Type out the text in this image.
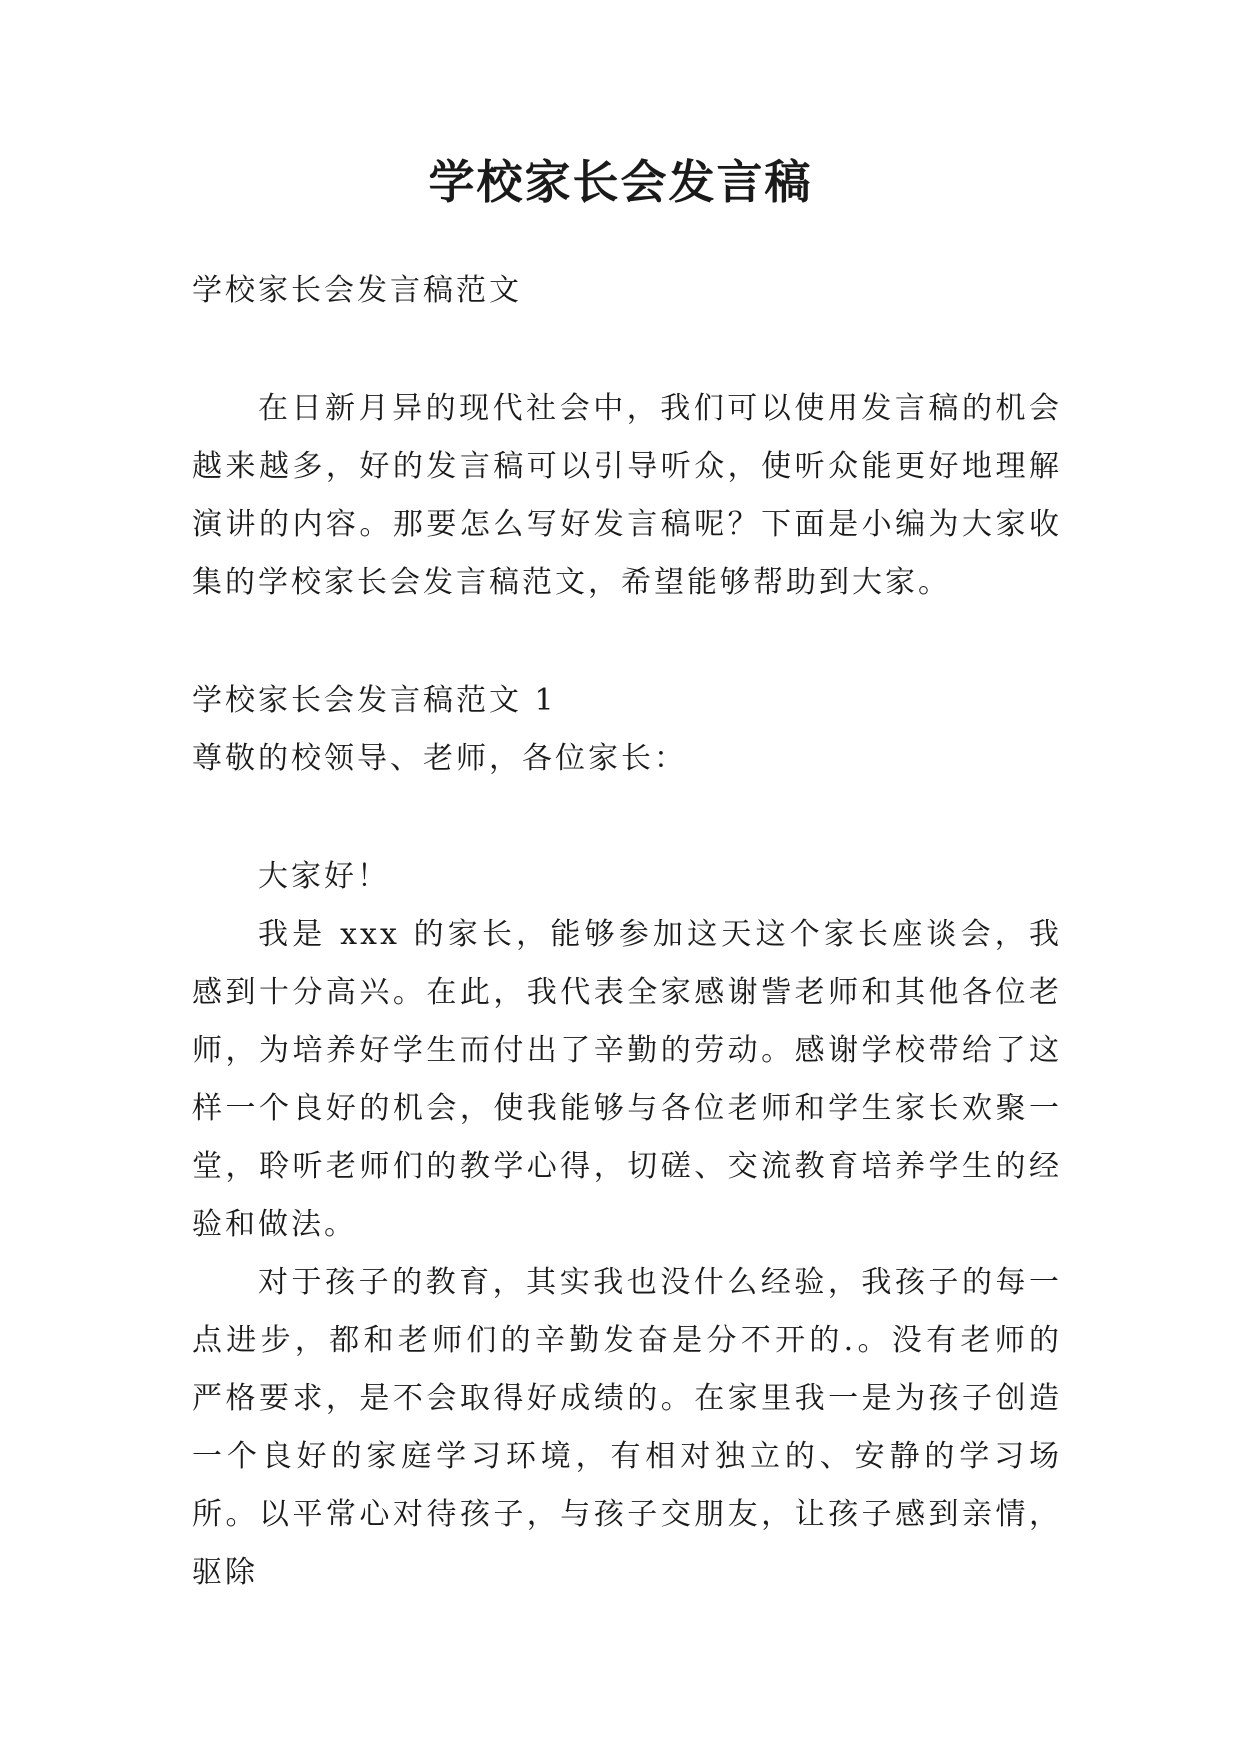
学校家长会发言稿

学校家长会发言稿范文

在日新月异的现代社会中，我们可以使用发言稿的机会越来越多，好的发言稿可以引导听众，使听众能更好地理解演讲的内容。那要怎么写好发言稿呢？下面是小编为大家收集的学校家长会发言稿范文，希望能够帮助到大家。

学校家长会发言稿范文 1

尊敬的校领导、老师，各位家长：

大家好！

我是 xxx 的家长，能够参加这天这个家长座谈会，我感到十分高兴。在此，我代表全家感谢訾老师和其他各位老师，为培养好学生而付出了辛勤的劳动。感谢学校带给了这样一个良好的机会，使我能够与各位老师和学生家长欢聚一堂，聆听老师们的教学心得，切磋、交流教育培养学生的经验和做法。

对于孩子的教育，其实我也没什么经验，我孩子的每一点进步，都和老师们的辛勤发奋是分不开的.。没有老师的严格要求，是不会取得好成绩的。在家里我一是为孩子创造一个良好的家庭学习环境，有相对独立的、安静的学习场所。以平常心对待孩子，与孩子交朋友，让孩子感到亲情，驱除
